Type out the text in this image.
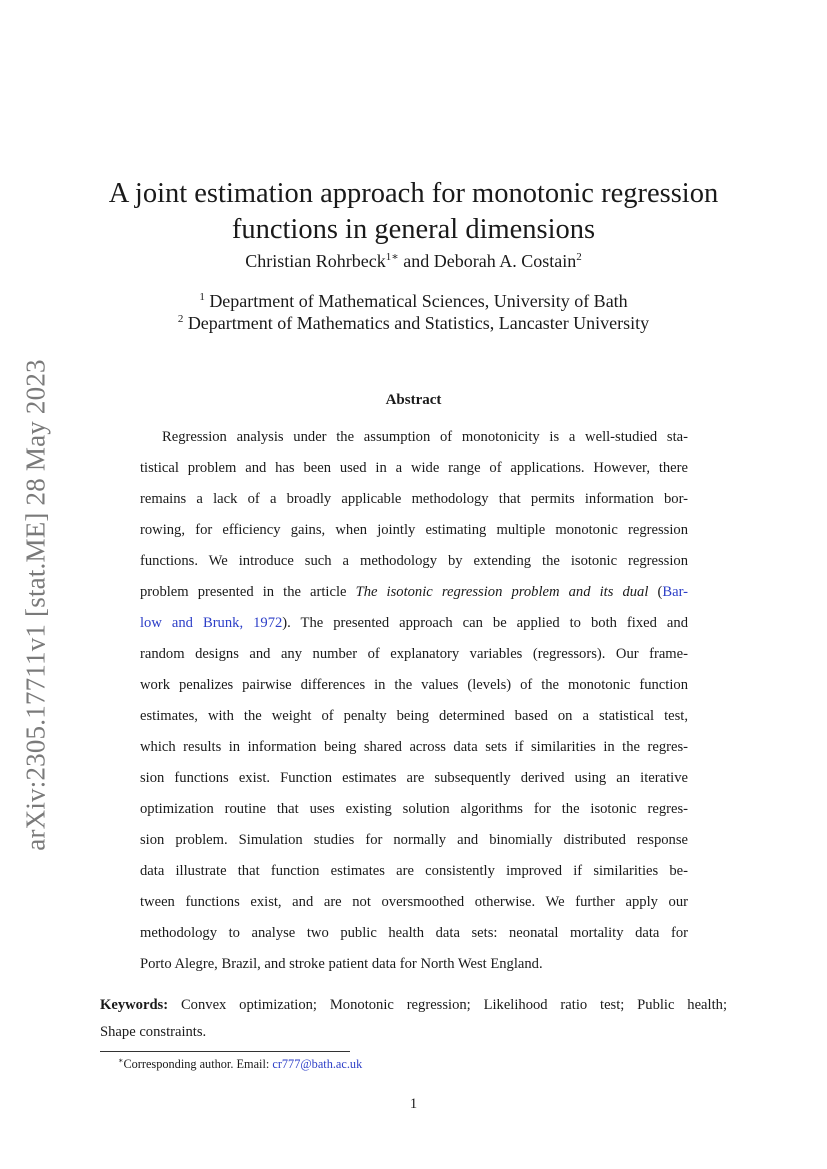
arXiv:2305.17711v1 [stat.ME] 28 May 2023
A joint estimation approach for monotonic regression
functions in general dimensions
Christian Rohrbeck$^{1∗}$ and Deborah A. Costain$^2$
$^1$ Department of Mathematical Sciences, University of Bath
$^2$ Department of Mathematics and Statistics, Lancaster University
Abstract
Regression analysis under the assumption of monotonicity is a well-studied sta-
tistical problem and has been used in a wide range of applications. However, there
remains a lack of a broadly applicable methodology that permits information bor-
rowing, for efficiency gains, when jointly estimating multiple monotonic regression
functions. We introduce such a methodology by extending the isotonic regression
problem presented in the article The isotonic regression problem and its dual (Bar-
low and Brunk, 1972). The presented approach can be applied to both fixed and
random designs and any number of explanatory variables (regressors). Our frame-
work penalizes pairwise differences in the values (levels) of the monotonic function
estimates, with the weight of penalty being determined based on a statistical test,
which results in information being shared across data sets if similarities in the regres-
sion functions exist. Function estimates are subsequently derived using an iterative
optimization routine that uses existing solution algorithms for the isotonic regres-
sion problem. Simulation studies for normally and binomially distributed response
data illustrate that function estimates are consistently improved if similarities be-
tween functions exist, and are not oversmoothed otherwise. We further apply our
methodology to analyse two public health data sets: neonatal mortality data for
Porto Alegre, Brazil, and stroke patient data for North West England.
Keywords: Convex optimization; Monotonic regression; Likelihood ratio test; Public health;
Shape constraints.
∗Corresponding author. Email: cr777@bath.ac.uk
1
